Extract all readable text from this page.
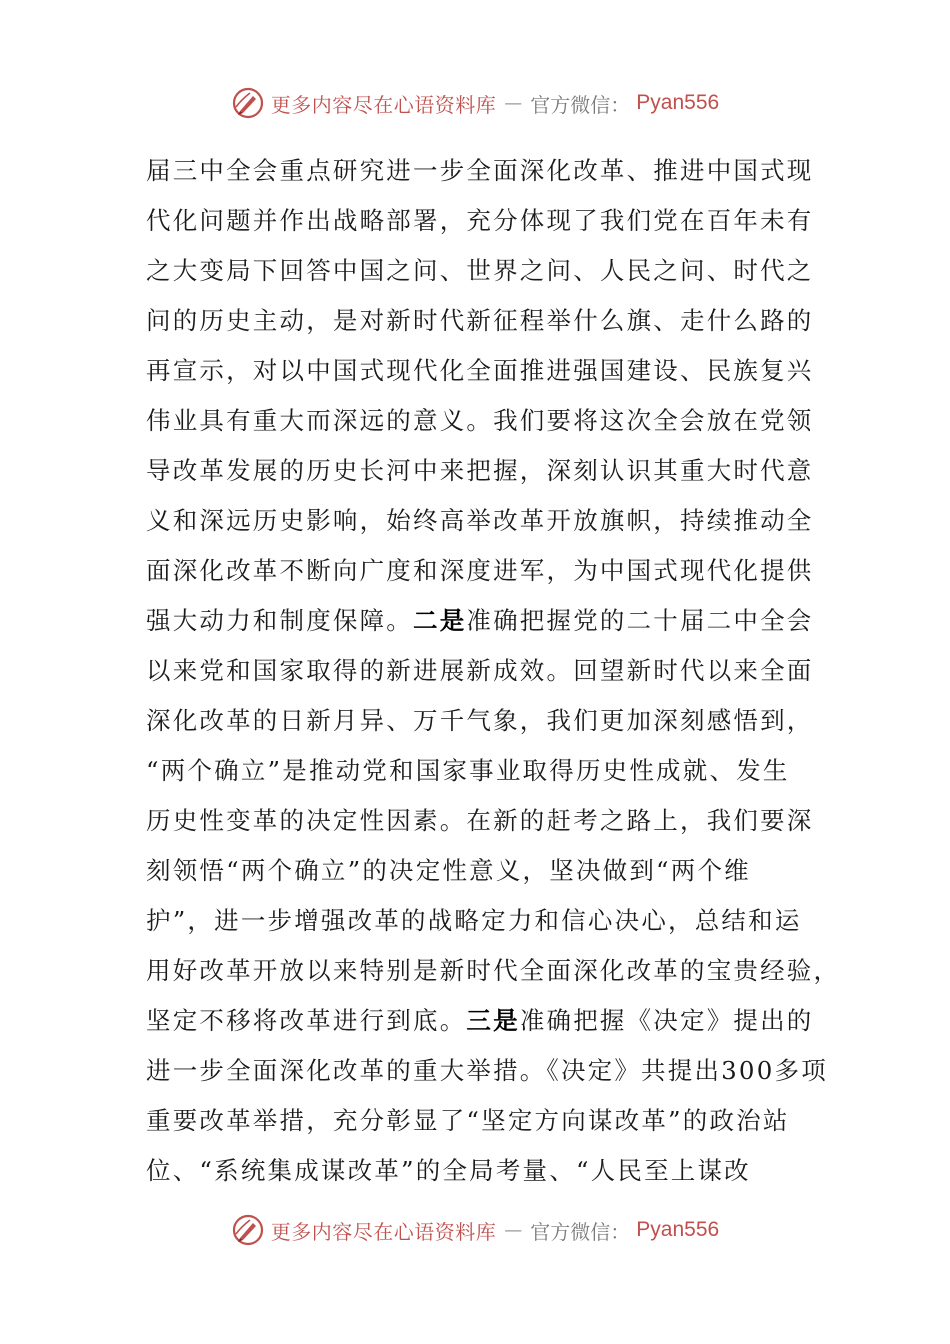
更多内容尽在心语资料库 — 官方微信： Pyan556
届三中全会重点研究进一步全面深化改革、推进中国式现
代化问题并作出战略部署，充分体现了我们党在百年未有
之大变局下回答中国之问、世界之问、人民之问、时代之
问的历史主动，是对新时代新征程举什么旗、走什么路的
再宣示，对以中国式现代化全面推进强国建设、民族复兴
伟业具有重大而深远的意义。我们要将这次全会放在党领
导改革发展的历史长河中来把握，深刻认识其重大时代意
义和深远历史影响，始终高举改革开放旗帜，持续推动全
面深化改革不断向广度和深度进军，为中国式现代化提供
强大动力和制度保障。二是准确把握党的二十届二中全会
以来党和国家取得的新进展新成效。回望新时代以来全面
深化改革的日新月异、万千气象，我们更加深刻感悟到，
“两个确立”是推动党和国家事业取得历史性成就、发生
历史性变革的决定性因素。在新的赶考之路上，我们要深
刻领悟“两个确立”的决定性意义，坚决做到“两个维
护”，进一步增强改革的战略定力和信心决心，总结和运
用好改革开放以来特别是新时代全面深化改革的宝贵经验，
坚定不移将改革进行到底。三是准确把握《决定》提出的
进一步全面深化改革的重大举措。《决定》共提出300多项
重要改革举措，充分彰显了“坚定方向谋改革”的政治站
位、“系统集成谋改革”的全局考量、“人民至上谋改
更多内容尽在心语资料库 — 官方微信： Pyan556
